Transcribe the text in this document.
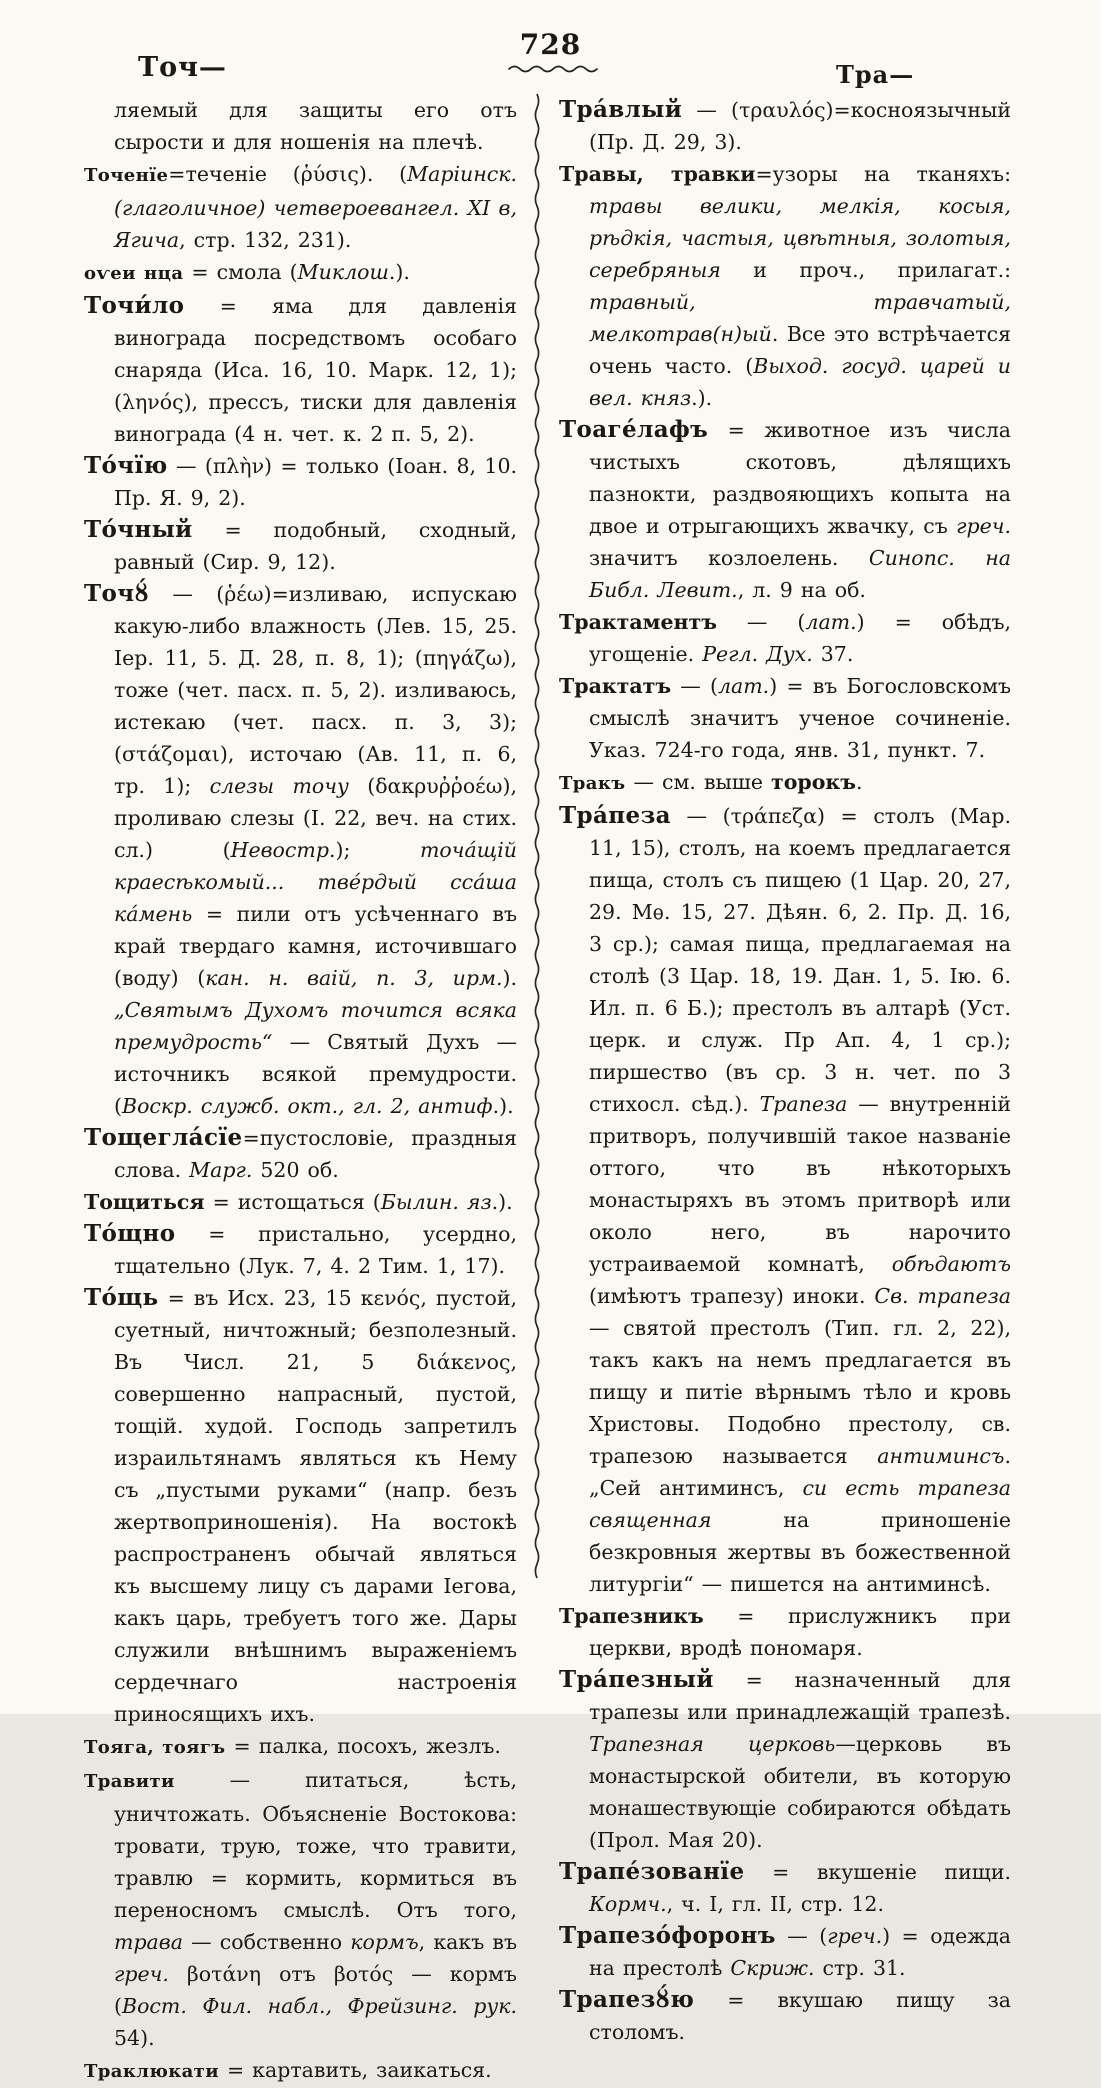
728
Точ—	Тра—

ляемый для защиты его отъ сырости и для ношенія на плечѣ.

Точенїе=теченіе (ῥύσις). (Маріинск. (глаголичное) четвероевангел. XI в, Ягича, стр. 132, 231).

оѵеи нца = смола (Миклош.).

Точи́ло = яма для давленія винограда посредствомъ особаго снаряда (Иса. 16, 10. Марк. 12, 1); (ληνός), прессъ, тиски для давленія винограда (4 н. чет. к. 2 п. 5, 2).

То́чїю — (πλὴν) = только (Іоан. 8, 10. Пр. Я. 9, 2).

То́чный = подобный, сходный, равный (Сир. 9, 12).

Точȣ́ — (ῥέω)=изливаю, испускаю какую-либо влажность (Лев. 15, 25. Іер. 11, 5. Д. 28, п. 8, 1); (πηγάζω), тоже (чет. пасх. п. 5, 2). изливаюсь, истекаю (чет. пасх. п. 3, 3); (στάζομαι), источаю (Ав. 11, п. 6, тр. 1); слезы точу (δακρυῤῥοέω), проливаю слезы (І. 22, веч. на стих. сл.) (Невостр.); точа́щій краесѣкомый... тве́рдый сса́ша ка́мень = пили отъ усѣченнаго въ край твердаго камня, источившаго (воду) (кан. н. ваій, п. 3, ирм.). „Святымъ Духомъ точится всяка премудрость“ — Святый Духъ — источникъ всякой премудрости. (Воскр. служб. окт., гл. 2, антиф.).

Тощегла́сїе=пустословіе, праздныя слова. Марг. 520 об.

Тощиться = истощаться (Былин. яз.).

То́щно = пристально, усердно, тщательно (Лук. 7, 4. 2 Тим. 1, 17).

То́щь = въ Исх. 23, 15 κενός, пустой, суетный, ничтожный; безполезный. Въ Числ. 21, 5 διάκενος, совершенно напрасный, пустой, тощій. худой. Господь запретилъ израильтянамъ являться къ Нему съ „пустыми руками“ (напр. безъ жертвоприношенія). На востокѣ распространенъ обычай являться къ высшему лицу съ дарами Іегова, какъ царь, требуетъ того же. Дары служили внѣшнимъ выраженіемъ сердечнаго настроенія приносящихъ ихъ.

Тояга, тоягъ = палка, посохъ, жезлъ.

Травити — питаться, ѣсть, уничтожать. Объясненіе Востокова: тровати, трую, тоже, что травити, травлю = кормить, кормиться въ переносномъ смыслѣ. Отъ того, трава — собственно кормъ, какъ въ греч. βοτάνη отъ βοτός — кормъ (Вост. Фил. набл., Фрейзинг. рук. 54).

Траклюкати = картавить, заикаться.

Тра́влый — (τραυλός)=косноязычный (Пр. Д. 29, 3).

Травы, травки=узоры на тканяхъ: травы велики, мелкія, косыя, рѣдкія, частыя, цвѣтныя, золотыя, серебряныя и проч., прилагат.: травный, травчатый, мелкотрав(н)ый. Все это встрѣчается очень часто. (Выход. госуд. царей и вел. княз.).

Тоаге́лафъ = животное изъ числа чистыхъ скотовъ, дѣлящихъ пазнокти, раздвояющихъ копыта на двое и отрыгающихъ жвачку, съ греч. значитъ козлоелень. Синопс. на Библ. Левит., л. 9 на об.

Трактаментъ — (лат.) = обѣдъ, угощеніе. Регл. Дух. 37.

Трактатъ — (лат.) = въ Богословскомъ смыслѣ значитъ ученое сочиненіе. Указ. 724-го года, янв. 31, пункт. 7.

Тракъ — см. выше торокъ.

Тра́пеза — (τράπεζα) = столъ (Мар. 11, 15), столъ, на коемъ предлагается пища, столъ съ пищею (1 Цар. 20, 27, 29. Мѳ. 15, 27. Дѣян. 6, 2. Пр. Д. 16, 3 ср.); самая пища, предлагаемая на столѣ (3 Цар. 18, 19. Дан. 1, 5. Ію. 6. Ил. п. 6 Б.); престолъ въ алтарѣ (Уст. церк. и служ. Пр Ап. 4, 1 ср.); пиршество (въ ср. 3 н. чет. по 3 стихосл. сѣд.). Трапеза — внутренній притворъ, получившій такое названіе оттого, что въ нѣкоторыхъ монастыряхъ въ этомъ притворѣ или около него, въ нарочито устраиваемой комнатѣ, обѣдаютъ (имѣютъ трапезу) иноки. Св. трапеза — святой престолъ (Тип. гл. 2, 22), такъ какъ на немъ предлагается въ пищу и питіе вѣрнымъ тѣло и кровь Христовы. Подобно престолу, св. трапезою называется антиминсъ. „Сей антиминсъ, си есть трапеза священная на приношеніе безкровныя жертвы въ божественной литургіи“ — пишется на антиминсѣ.

Трапезникъ = прислужникъ при церкви, вродѣ пономаря.

Тра́пезный = назначенный для трапезы или принадлежащій трапезѣ. Трапезная церковь—церковь въ монастырской обители, въ которую монашествующіе собираются обѣдать (Прол. Мая 20).

Трапе́зованїе = вкушеніе пищи. Кормч., ч. I, гл. II, стр. 12.

Трапезо́форонъ — (греч.) = одежда на престолѣ Скриж. стр. 31.

Трапезȣ́ю = вкушаю пищу за столомъ.
